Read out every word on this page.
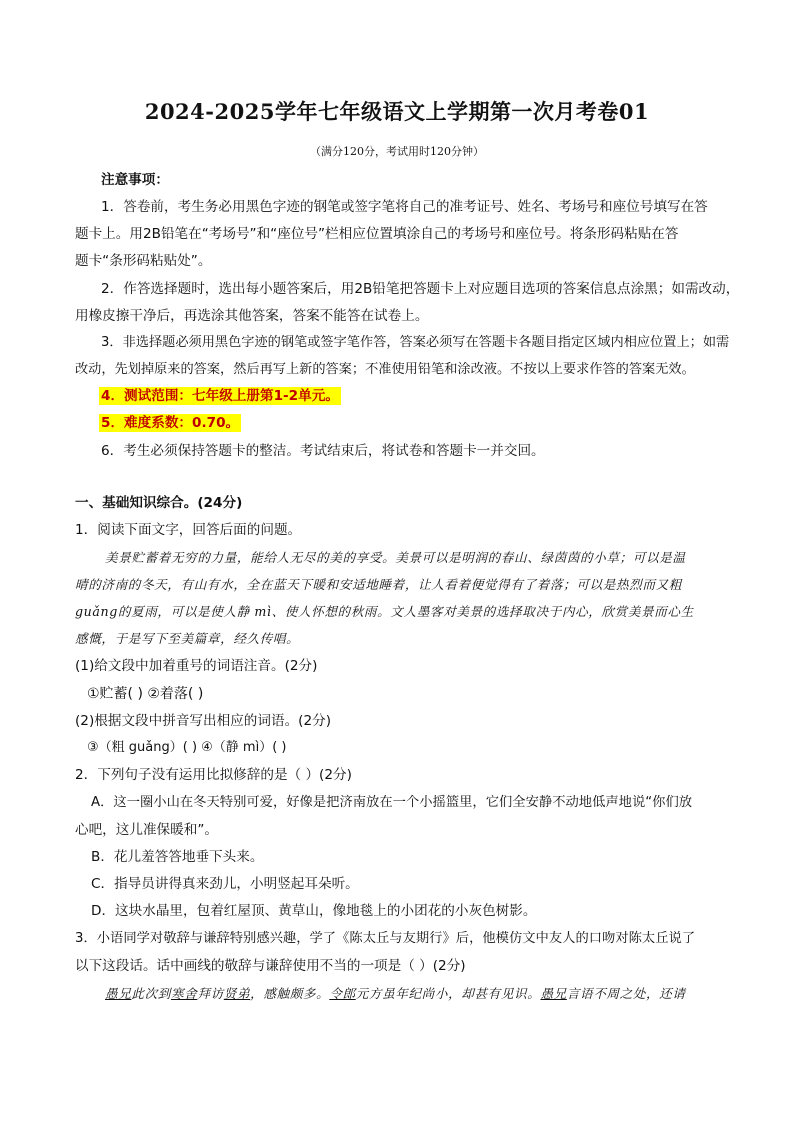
2024-2025学年七年级语文上学期第一次月考卷01
（满分120分，考试用时120分钟）
注意事项：
1．答卷前，考生务必用黑色字迹的钢笔或签字笔将自己的准考证号、姓名、考场号和座位号填写在答
题卡上。用2B铅笔在“考场号”和“座位号”栏相应位置填涂自己的考场号和座位号。将条形码粘贴在答
题卡“条形码粘贴处”。
2．作答选择题时，选出每小题答案后，用2B铅笔把答题卡上对应题目选项的答案信息点涂黑；如需改动，
用橡皮擦干净后，再选涂其他答案，答案不能答在试卷上。
3．非选择题必须用黑色字迹的钢笔或签字笔作答，答案必须写在答题卡各题目指定区域内相应位置上；如需
改动，先划掉原来的答案，然后再写上新的答案；不准使用铅笔和涂改液。不按以上要求作答的答案无效。
4．测试范围：七年级上册第1-2单元。
5．难度系数：0.70。
6．考生必须保持答题卡的整洁。考试结束后，将试卷和答题卡一并交回。
一、基础知识综合。(24分)
1．阅读下面文字，回答后面的问题。
美景贮蓄着无穷的力量，能给人无尽的美的享受。美景可以是明润的春山、绿茵茵的小草；可以是温
晴的济南的冬天，有山有水，全在蓝天下暖和安适地睡着，让人看着便觉得有了着落；可以是热烈而又粗
guǎng的夏雨，可以是使人静 mì、使人怀想的秋雨。文人墨客对美景的选择取决于内心，欣赏美景而心生
感慨，于是写下至美篇章，经久传唱。
(1)给文段中加着重号的词语注音。(2分)
①贮蓄( ) ②着落( )
(2)根据文段中拼音写出相应的词语。(2分)
③（粗 guǎng）( ) ④（静 mì）( )
2．下列句子没有运用比拟修辞的是（ ）(2分)
A．这一圈小山在冬天特别可爱，好像是把济南放在一个小摇篮里，它们全安静不动地低声地说“你们放
心吧，这儿准保暖和”。
B．花儿羞答答地垂下头来。
C．指导员讲得真来劲儿，小明竖起耳朵听。
D．这块水晶里，包着红屋顶、黄草山，像地毯上的小团花的小灰色树影。
3．小语同学对敬辞与谦辞特别感兴趣，学了《陈太丘与友期行》后，他模仿文中友人的口吻对陈太丘说了
以下这段话。话中画线的敬辞与谦辞使用不当的一项是（ ）(2分)
愚兄此次到寒舍拜访贤弟，感触颇多。令郎元方虽年纪尚小，却甚有见识。愚兄言语不周之处，还请
